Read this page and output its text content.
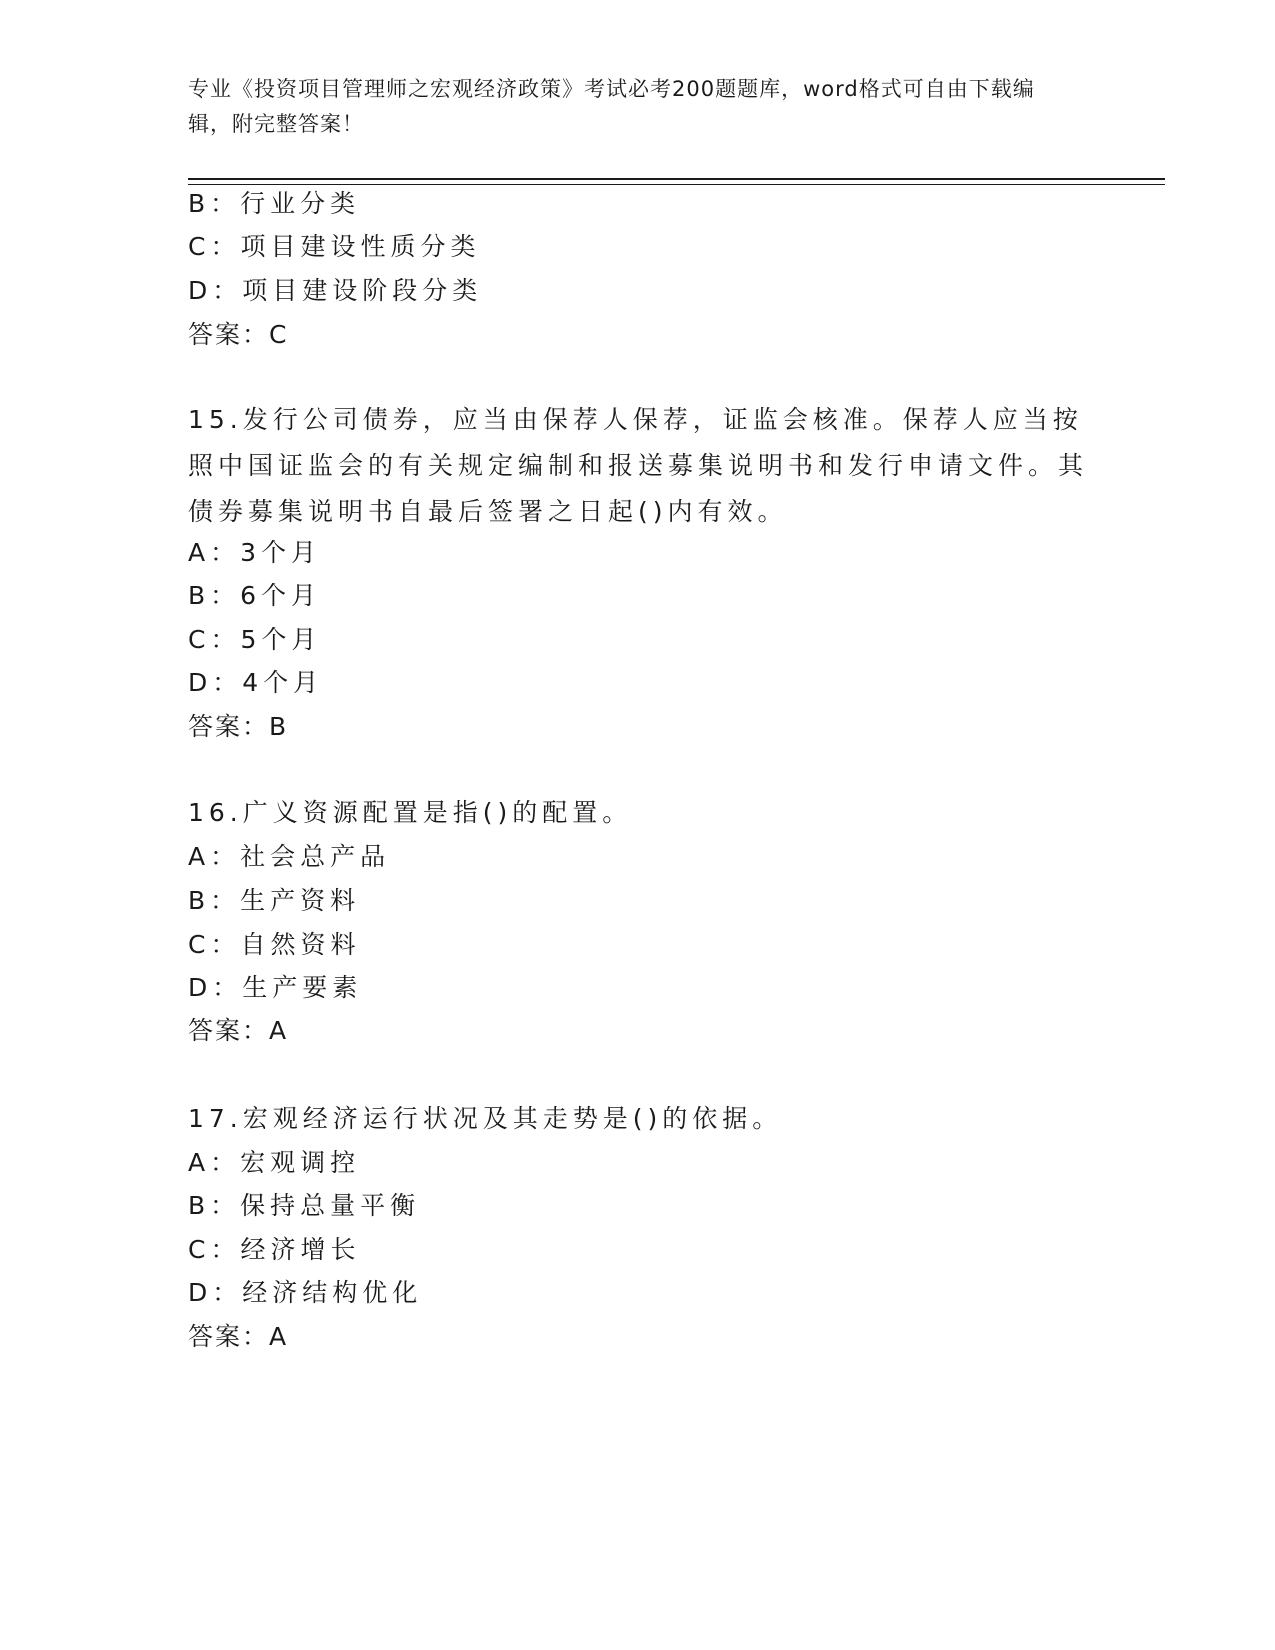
专业《投资项目管理师之宏观经济政策》考试必考200题题库，word格式可自由下载编辑，附完整答案！
B：行业分类
C：项目建设性质分类
D：项目建设阶段分类
答案：C
15.发行公司债券，应当由保荐人保荐，证监会核准。保荐人应当按照中国证监会的有关规定编制和报送募集说明书和发行申请文件。其债券募集说明书自最后签署之日起()内有效。
A：3个月
B：6个月
C：5个月
D：4个月
答案：B
16.广义资源配置是指()的配置。
A：社会总产品
B：生产资料
C：自然资料
D：生产要素
答案：A
17.宏观经济运行状况及其走势是()的依据。
A：宏观调控
B：保持总量平衡
C：经济增长
D：经济结构优化
答案：A
